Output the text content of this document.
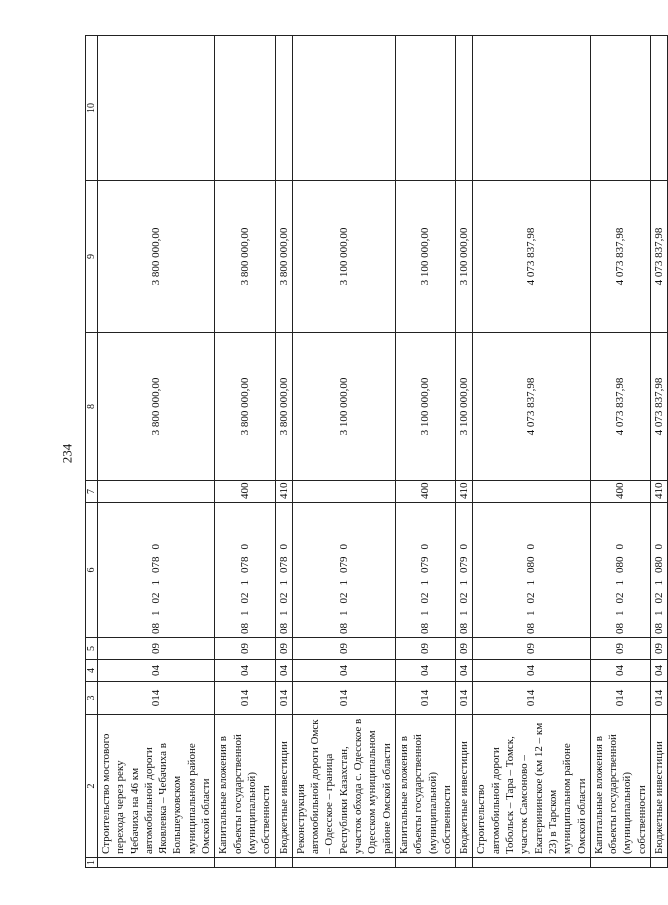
234
1	2	3	4	5	6	7	8	9	10
	Строительство мостового перехода через реку Чебачиха на 46 км автомобильной дороги Яковлевка – Чебачиха в Большеуковском муниципальном районе Омской области	014	04	09	0810210780		3 800 000,00	3 800 000,00	
	Капитальные вложения в объекты государственной (муниципальной) собственности	014	04	09	0810210780	400	3 800 000,00	3 800 000,00	
	Бюджетные инвестиции	014	04	09	0810210780	410	3 800 000,00	3 800 000,00	
	Реконструкция автомобильной дороги Омск – Одесское – граница Республики Казахстан, участок обхода с. Одесское в Одесском муниципальном районе Омской области	014	04	09	0810210790		3 100 000,00	3 100 000,00	
	Капитальные вложения в объекты государственной (муниципальной) собственности	014	04	09	0810210790	400	3 100 000,00	3 100 000,00	
	Бюджетные инвестиции	014	04	09	0810210790	410	3 100 000,00	3 100 000,00	
	Строительство автомобильной дороги Тобольск – Тара – Томск, участок Самсоново – Екатерининское (км 12 – км 23) в Тарском муниципальном районе Омской области	014	04	09	0810210800		4 073 837,98	4 073 837,98	
	Капитальные вложения в объекты государственной (муниципальной) собственности	014	04	09	0810210800	400	4 073 837,98	4 073 837,98	
	Бюджетные инвестиции	014	04	09	0810210800	410	4 073 837,98	4 073 837,98	
